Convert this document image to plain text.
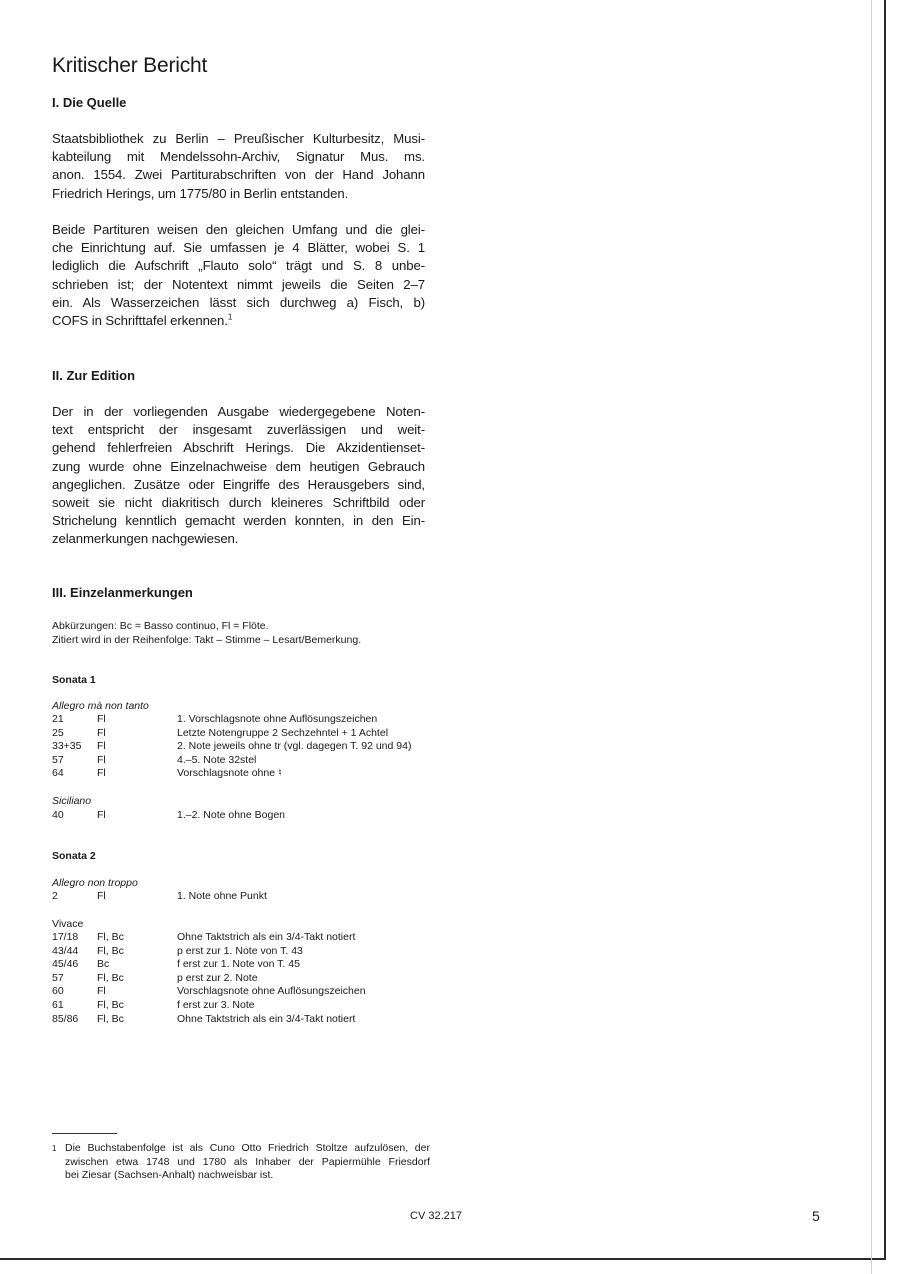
Kritischer Bericht
I. Die Quelle

Staatsbibliothek zu Berlin – Preußischer Kulturbesitz, Musi-
kabteilung mit Mendelssohn-Archiv, Signatur Mus. ms.
anon. 1554. Zwei Partiturabschriften von der Hand Johann
Friedrich Herings, um 1775/80 in Berlin entstanden.

Beide Partituren weisen den gleichen Umfang und die glei-
che Einrichtung auf. Sie umfassen je 4 Blätter, wobei S. 1
lediglich die Aufschrift „Flauto solo“ trägt und S. 8 unbe-
schrieben ist; der Notentext nimmt jeweils die Seiten 2–7
ein. Als Wasserzeichen lässt sich durchweg a) Fisch, b)
COFS in Schrifttafel erkennen.$^1$

II. Zur Edition

Der in der vorliegenden Ausgabe wiedergegebene Noten-
text entspricht der insgesamt zuverlässigen und weit-
gehend fehlerfreien Abschrift Herings. Die Akzidentienset-
zung wurde ohne Einzelnachweise dem heutigen Gebrauch
angeglichen. Zusätze oder Eingriffe des Herausgebers sind,
soweit sie nicht diakritisch durch kleineres Schriftbild oder
Strichelung kenntlich gemacht werden konnten, in den Ein-
zelanmerkungen nachgewiesen.

III. Einzelanmerkungen
Abkürzungen: Bc = Basso continuo, Fl = Flöte.
Zitiert wird in der Reihenfolge: Takt – Stimme – Lesart/Bemerkung.
Sonata 1
Allegro mà non tanto
21	Fl	1. Vorschlagsnote ohne Auflösungszeichen
25	Fl	Letzte Notengruppe 2 Sechzehntel + 1 Achtel
33+35	Fl	2. Note jeweils ohne tr (vgl. dagegen T. 92 und 94)
57	Fl	4.–5. Note 32stel
64	Fl	Vorschlagsnote ohne ♮
Siciliano
40	Fl	1.–2. Note ohne Bogen
Sonata 2
Allegro non troppo
2	Fl	1. Note ohne Punkt
Vivace
17/18	Fl, Bc	Ohne Taktstrich als ein 3/4-Takt notiert
43/44	Fl, Bc	p erst zur 1. Note von T. 43
45/46	Bc	f erst zur 1. Note von T. 45
57	Fl, Bc	p erst zur 2. Note
60	Fl	Vorschlagsnote ohne Auflösungszeichen
61	Fl, Bc	f erst zur 3. Note
85/86	Fl, Bc	Ohne Taktstrich als ein 3/4-Takt notiert
1 Die Buchstabenfolge ist als Cuno Otto Friedrich Stoltze aufzulösen, der
zwischen etwa 1748 und 1780 als Inhaber der Papiermühle Friesdorf
bei Ziesar (Sachsen-Anhalt) nachweisbar ist.
CV 32.217	5
